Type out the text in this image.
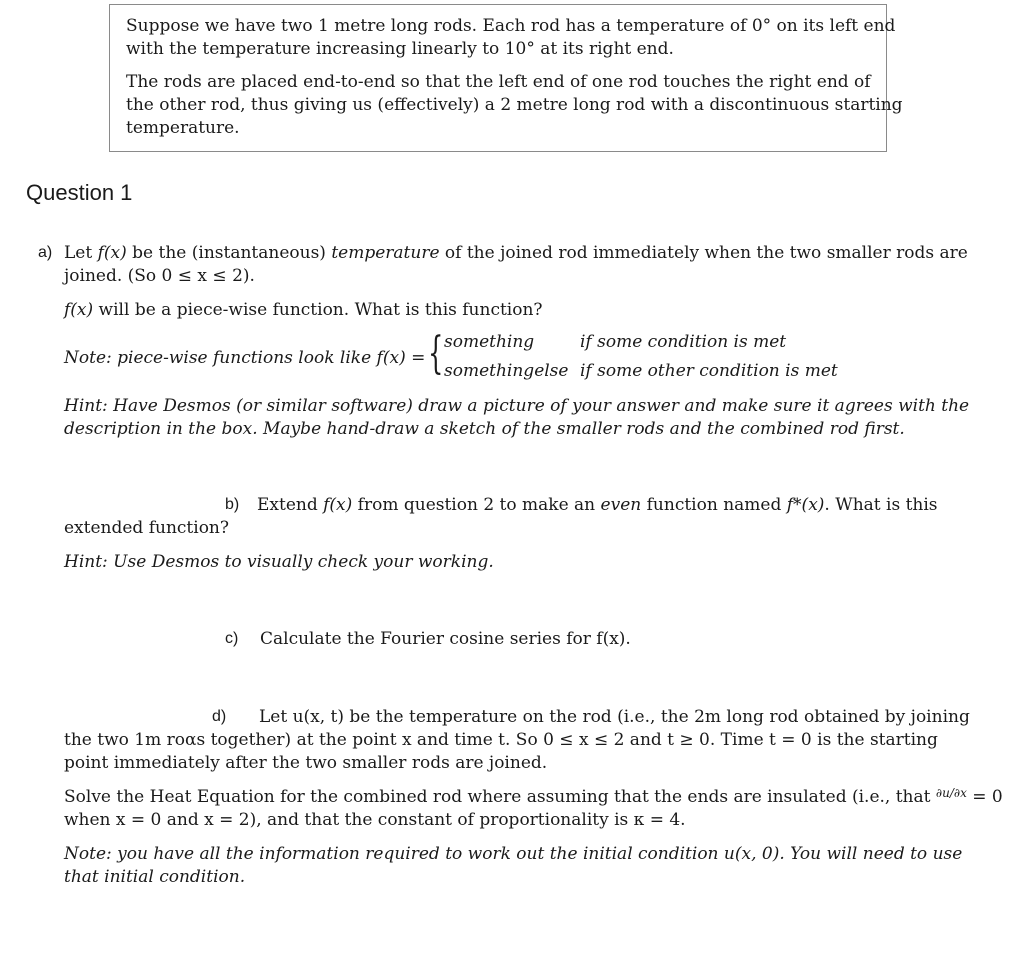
Suppose we have two 1 metre long rods. Each rod has a temperature of 0° on its left end
with the temperature increasing linearly to 10° at its right end.
The rods are placed end-to-end so that the left end of one rod touches the right end of
the other rod, thus giving us (effectively) a 2 metre long rod with a discontinuous starting
temperature.
Question 1
a) Let f(x) be the (instantaneous) temperature of the joined rod immediately when the two smaller rods are
joined. (So 0 ≤ x ≤ 2).
f(x) will be a piece-wise function. What is this function?
Note: piece-wise functions look like f(x) = { something	if some condition is met
somethingelse if some other condition is met
Hint: Have Desmos (or similar software) draw a picture of your answer and make sure it agrees with the
description in the box. Maybe hand-draw a sketch of the smaller rods and the combined rod first.
b) Extend f(x) from question 2 to make an even function named f*(x). What is this
extended function?
Hint: Use Desmos to visually check your working.
c) Calculate the Fourier cosine series for f(x).
d) Let u(x, t) be the temperature on the rod (i.e., the 2m long rod obtained by joining
the two 1m roαs together) at the point x and time t. So 0 ≤ x ≤ 2 and t ≥ 0. Time t = 0 is the starting
point immediately after the two smaller rods are joined.
Solve the Heat Equation for the combined rod where assuming that the ends are insulated (i.e., that $^{\partial u/\partial x}$ = 0
when x = 0 and x = 2), and that the constant of proportionality is κ = 4.
Note: you have all the information required to work out the initial condition u(x, 0). You will need to use
that initial condition.
